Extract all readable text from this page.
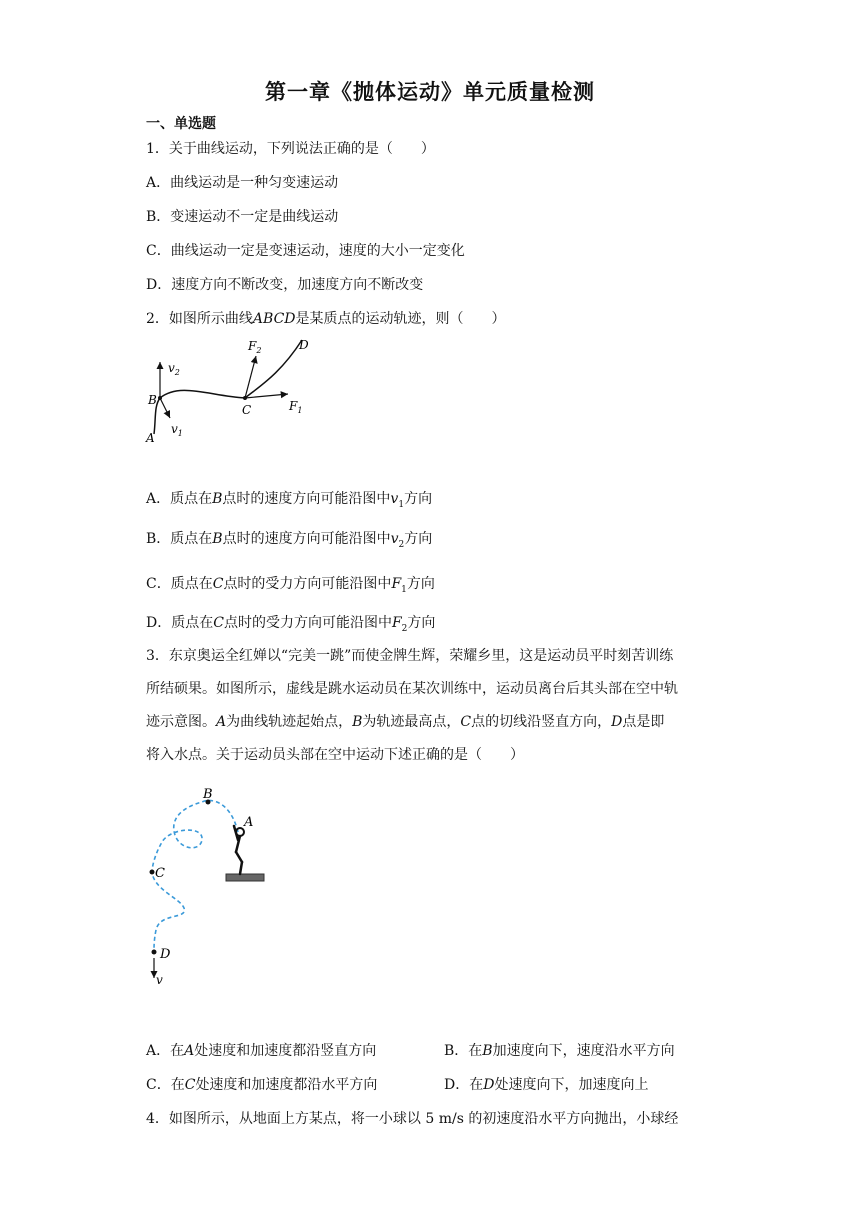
第一章《抛体运动》单元质量检测
一、单选题
1．关于曲线运动，下列说法正确的是（　　）
A．曲线运动是一种匀变速运动
B．变速运动不一定是曲线运动
C．曲线运动一定是变速运动，速度的大小一定变化
D．速度方向不断改变，加速度方向不断改变
2．如图所示曲线ABCD是某质点的运动轨迹，则（　　）
$v_2$
B
A
$v_1$
C
$F_2$	D
$F_1$
A．质点在B点时的速度方向可能沿图中$v_1$方向
B．质点在B点时的速度方向可能沿图中$v_2$方向
C．质点在C点时的受力方向可能沿图中$F_1$方向
D．质点在C点时的受力方向可能沿图中$F_2$方向
3．东京奥运全红婵以“完美一跳”而使金牌生辉，荣耀乡里，这是运动员平时刻苦训练
所结硕果。如图所示，虚线是跳水运动员在某次训练中，运动员离台后其头部在空中轨
迹示意图。A为曲线轨迹起始点，B为轨迹最高点，C点的切线沿竖直方向，D点是即
将入水点。关于运动员头部在空中运动下述正确的是（　　）
B
A
C
D
v
A．在A处速度和加速度都沿竖直方向	B．在B加速度向下，速度沿水平方向
C．在C处速度和加速度都沿水平方向	D．在D处速度向下，加速度向上
4．如图所示，从地面上方某点，将一小球以 5 m/s 的初速度沿水平方向抛出，小球经
